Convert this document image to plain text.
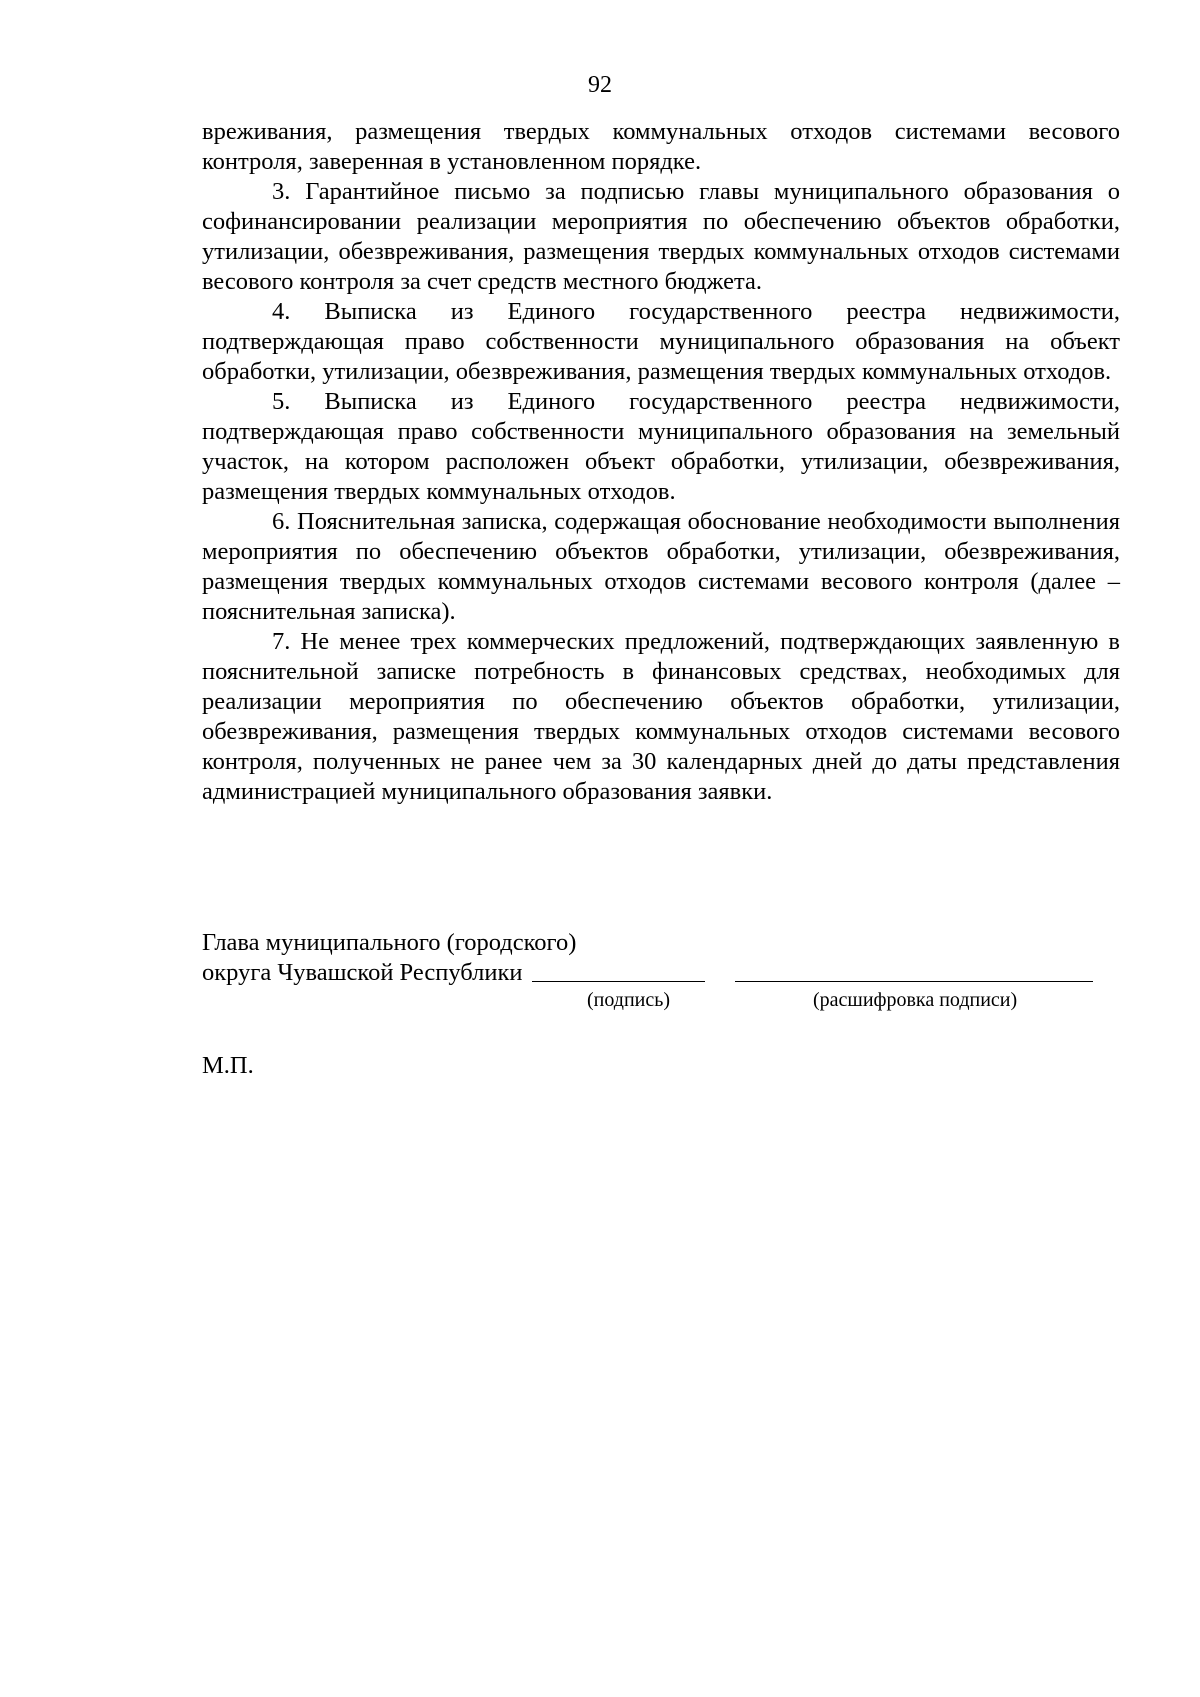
92

вреживания, размещения твердых коммунальных отходов системами весового контроля, заверенная в установленном порядке.

3. Гарантийное письмо за подписью главы муниципального образования о софинансировании реализации мероприятия по обеспечению объектов обработки, утилизации, обезвреживания, размещения твердых коммунальных отходов системами весового контроля за счет средств местного бюджета.

4. Выписка из Единого государственного реестра недвижимости, подтверждающая право собственности муниципального образования на объект обработки, утилизации, обезвреживания, размещения твердых коммунальных отходов.

5. Выписка из Единого государственного реестра недвижимости, подтверждающая право собственности муниципального образования на земельный участок, на котором расположен объект обработки, утилизации, обезвреживания, размещения твердых коммунальных отходов.

6. Пояснительная записка, содержащая обоснование необходимости выполнения мероприятия по обеспечению объектов обработки, утилизации, обезвреживания, размещения твердых коммунальных отходов системами весового контроля (далее – пояснительная записка).

7. Не менее трех коммерческих предложений, подтверждающих заявленную в пояснительной записке потребность в финансовых средствах, необходимых для реализации мероприятия по обеспечению объектов обработки, утилизации, обезвреживания, размещения твердых коммунальных отходов системами весового контроля, полученных не ранее чем за 30 календарных дней до даты представления администрацией муниципального образования заявки.

Глава муниципального (городского)
округа Чувашской Республики
(подпись)	(расшифровка подписи)
М.П.
